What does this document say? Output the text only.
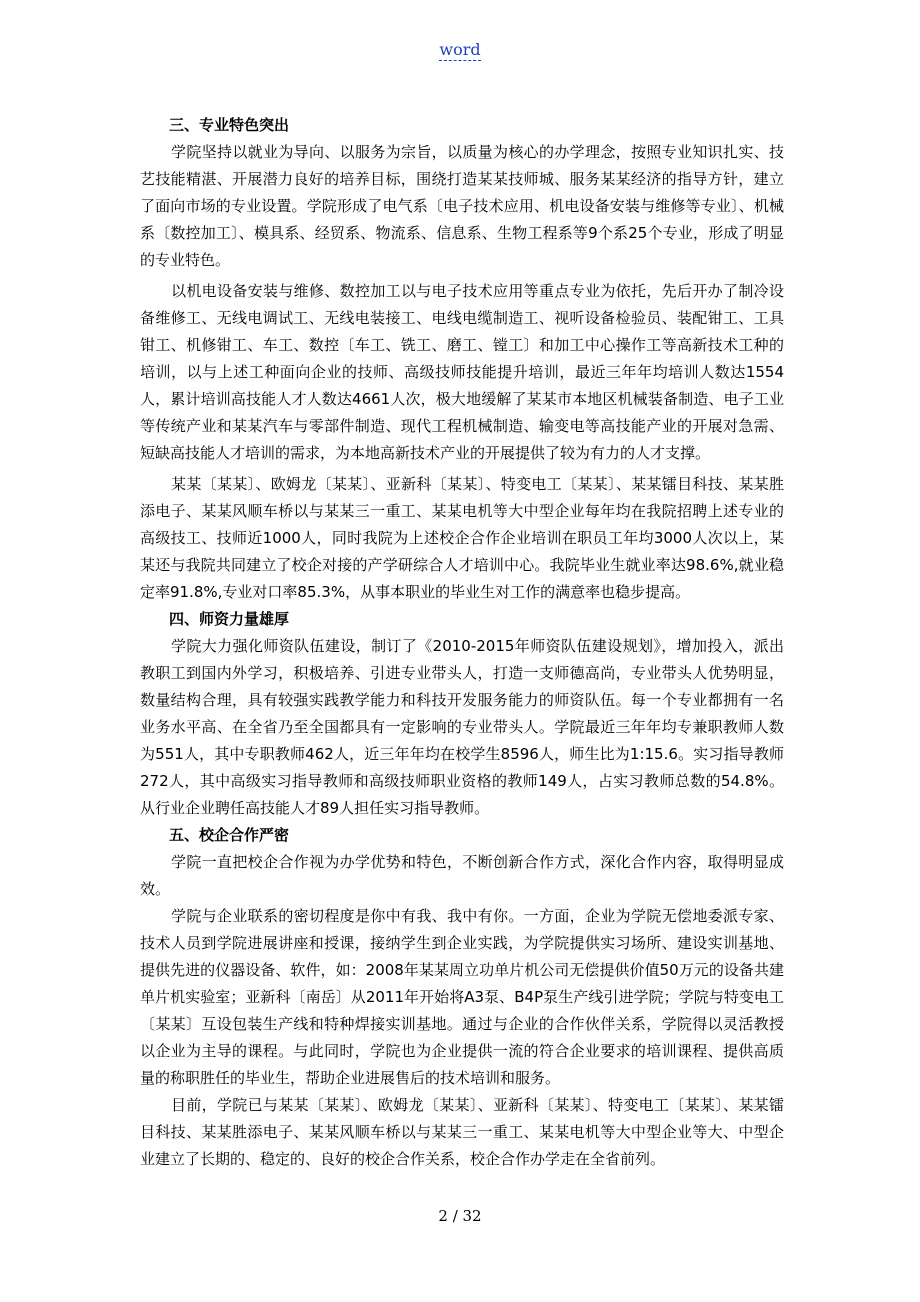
word

三、专业特色突出

学院坚持以就业为导向、以服务为宗旨，以质量为核心的办学理念，按照专业知识扎实、技艺技能精湛、开展潜力良好的培养目标，围绕打造某某技师城、服务某某经济的指导方针，建立了面向市场的专业设置。学院形成了电气系〔电子技术应用、机电设备安装与维修等专业〕、机械系〔数控加工〕、模具系、经贸系、物流系、信息系、生物工程系等9个系25个专业，形成了明显的专业特色。

以机电设备安装与维修、数控加工以与电子技术应用等重点专业为依托，先后开办了制冷设备维修工、无线电调试工、无线电装接工、电线电缆制造工、视听设备检验员、装配钳工、工具钳工、机修钳工、车工、数控〔车工、铣工、磨工、镗工〕和加工中心操作工等高新技术工种的培训，以与上述工种面向企业的技师、高级技师技能提升培训，最近三年年均培训人数达1554人，累计培训高技能人才人数达4661人次，极大地缓解了某某市本地区机械装备制造、电子工业等传统产业和某某汽车与零部件制造、现代工程机械制造、输变电等高技能产业的开展对急需、短缺高技能人才培训的需求，为本地高新技术产业的开展提供了较为有力的人才支撑。

某某〔某某〕、欧姆龙〔某某〕、亚新科〔某某〕、特变电工〔某某〕、某某镭目科技、某某胜添电子、某某风顺车桥以与某某三一重工、某某电机等大中型企业每年均在我院招聘上述专业的高级技工、技师近1000人，同时我院为上述校企合作企业培训在职员工年均3000人次以上，某某还与我院共同建立了校企对接的产学研综合人才培训中心。我院毕业生就业率达98.6%,就业稳定率91.8%,专业对口率85.3%，从事本职业的毕业生对工作的满意率也稳步提高。

四、师资力量雄厚

学院大力强化师资队伍建设，制订了《2010-2015年师资队伍建设规划》，增加投入，派出教职工到国内外学习，积极培养、引进专业带头人，打造一支师德高尚，专业带头人优势明显，数量结构合理，具有较强实践教学能力和科技开发服务能力的师资队伍。每一个专业都拥有一名业务水平高、在全省乃至全国都具有一定影响的专业带头人。学院最近三年年均专兼职教师人数为551人，其中专职教师462人，近三年年均在校学生8596人，师生比为1:15.6。实习指导教师272人，其中高级实习指导教师和高级技师职业资格的教师149人，占实习教师总数的54.8%。从行业企业聘任高技能人才89人担任实习指导教师。

五、校企合作严密

学院一直把校企合作视为办学优势和特色，不断创新合作方式，深化合作内容，取得明显成效。

学院与企业联系的密切程度是你中有我、我中有你。一方面，企业为学院无偿地委派专家、技术人员到学院进展讲座和授课，接纳学生到企业实践，为学院提供实习场所、建设实训基地、提供先进的仪器设备、软件，如：2008年某某周立功单片机公司无偿提供价值50万元的设备共建单片机实验室；亚新科〔南岳〕从2011年开始将A3泵、B4P泵生产线引进学院；学院与特变电工〔某某〕互设包装生产线和特种焊接实训基地。通过与企业的合作伙伴关系，学院得以灵活教授以企业为主导的课程。与此同时，学院也为企业提供一流的符合企业要求的培训课程、提供高质量的称职胜任的毕业生，帮助企业进展售后的技术培训和服务。

目前，学院已与某某〔某某〕、欧姆龙〔某某〕、亚新科〔某某〕、特变电工〔某某〕、某某镭目科技、某某胜添电子、某某风顺车桥以与某某三一重工、某某电机等大中型企业等大、中型企业建立了长期的、稳定的、良好的校企合作关系，校企合作办学走在全省前列。

2 / 32
